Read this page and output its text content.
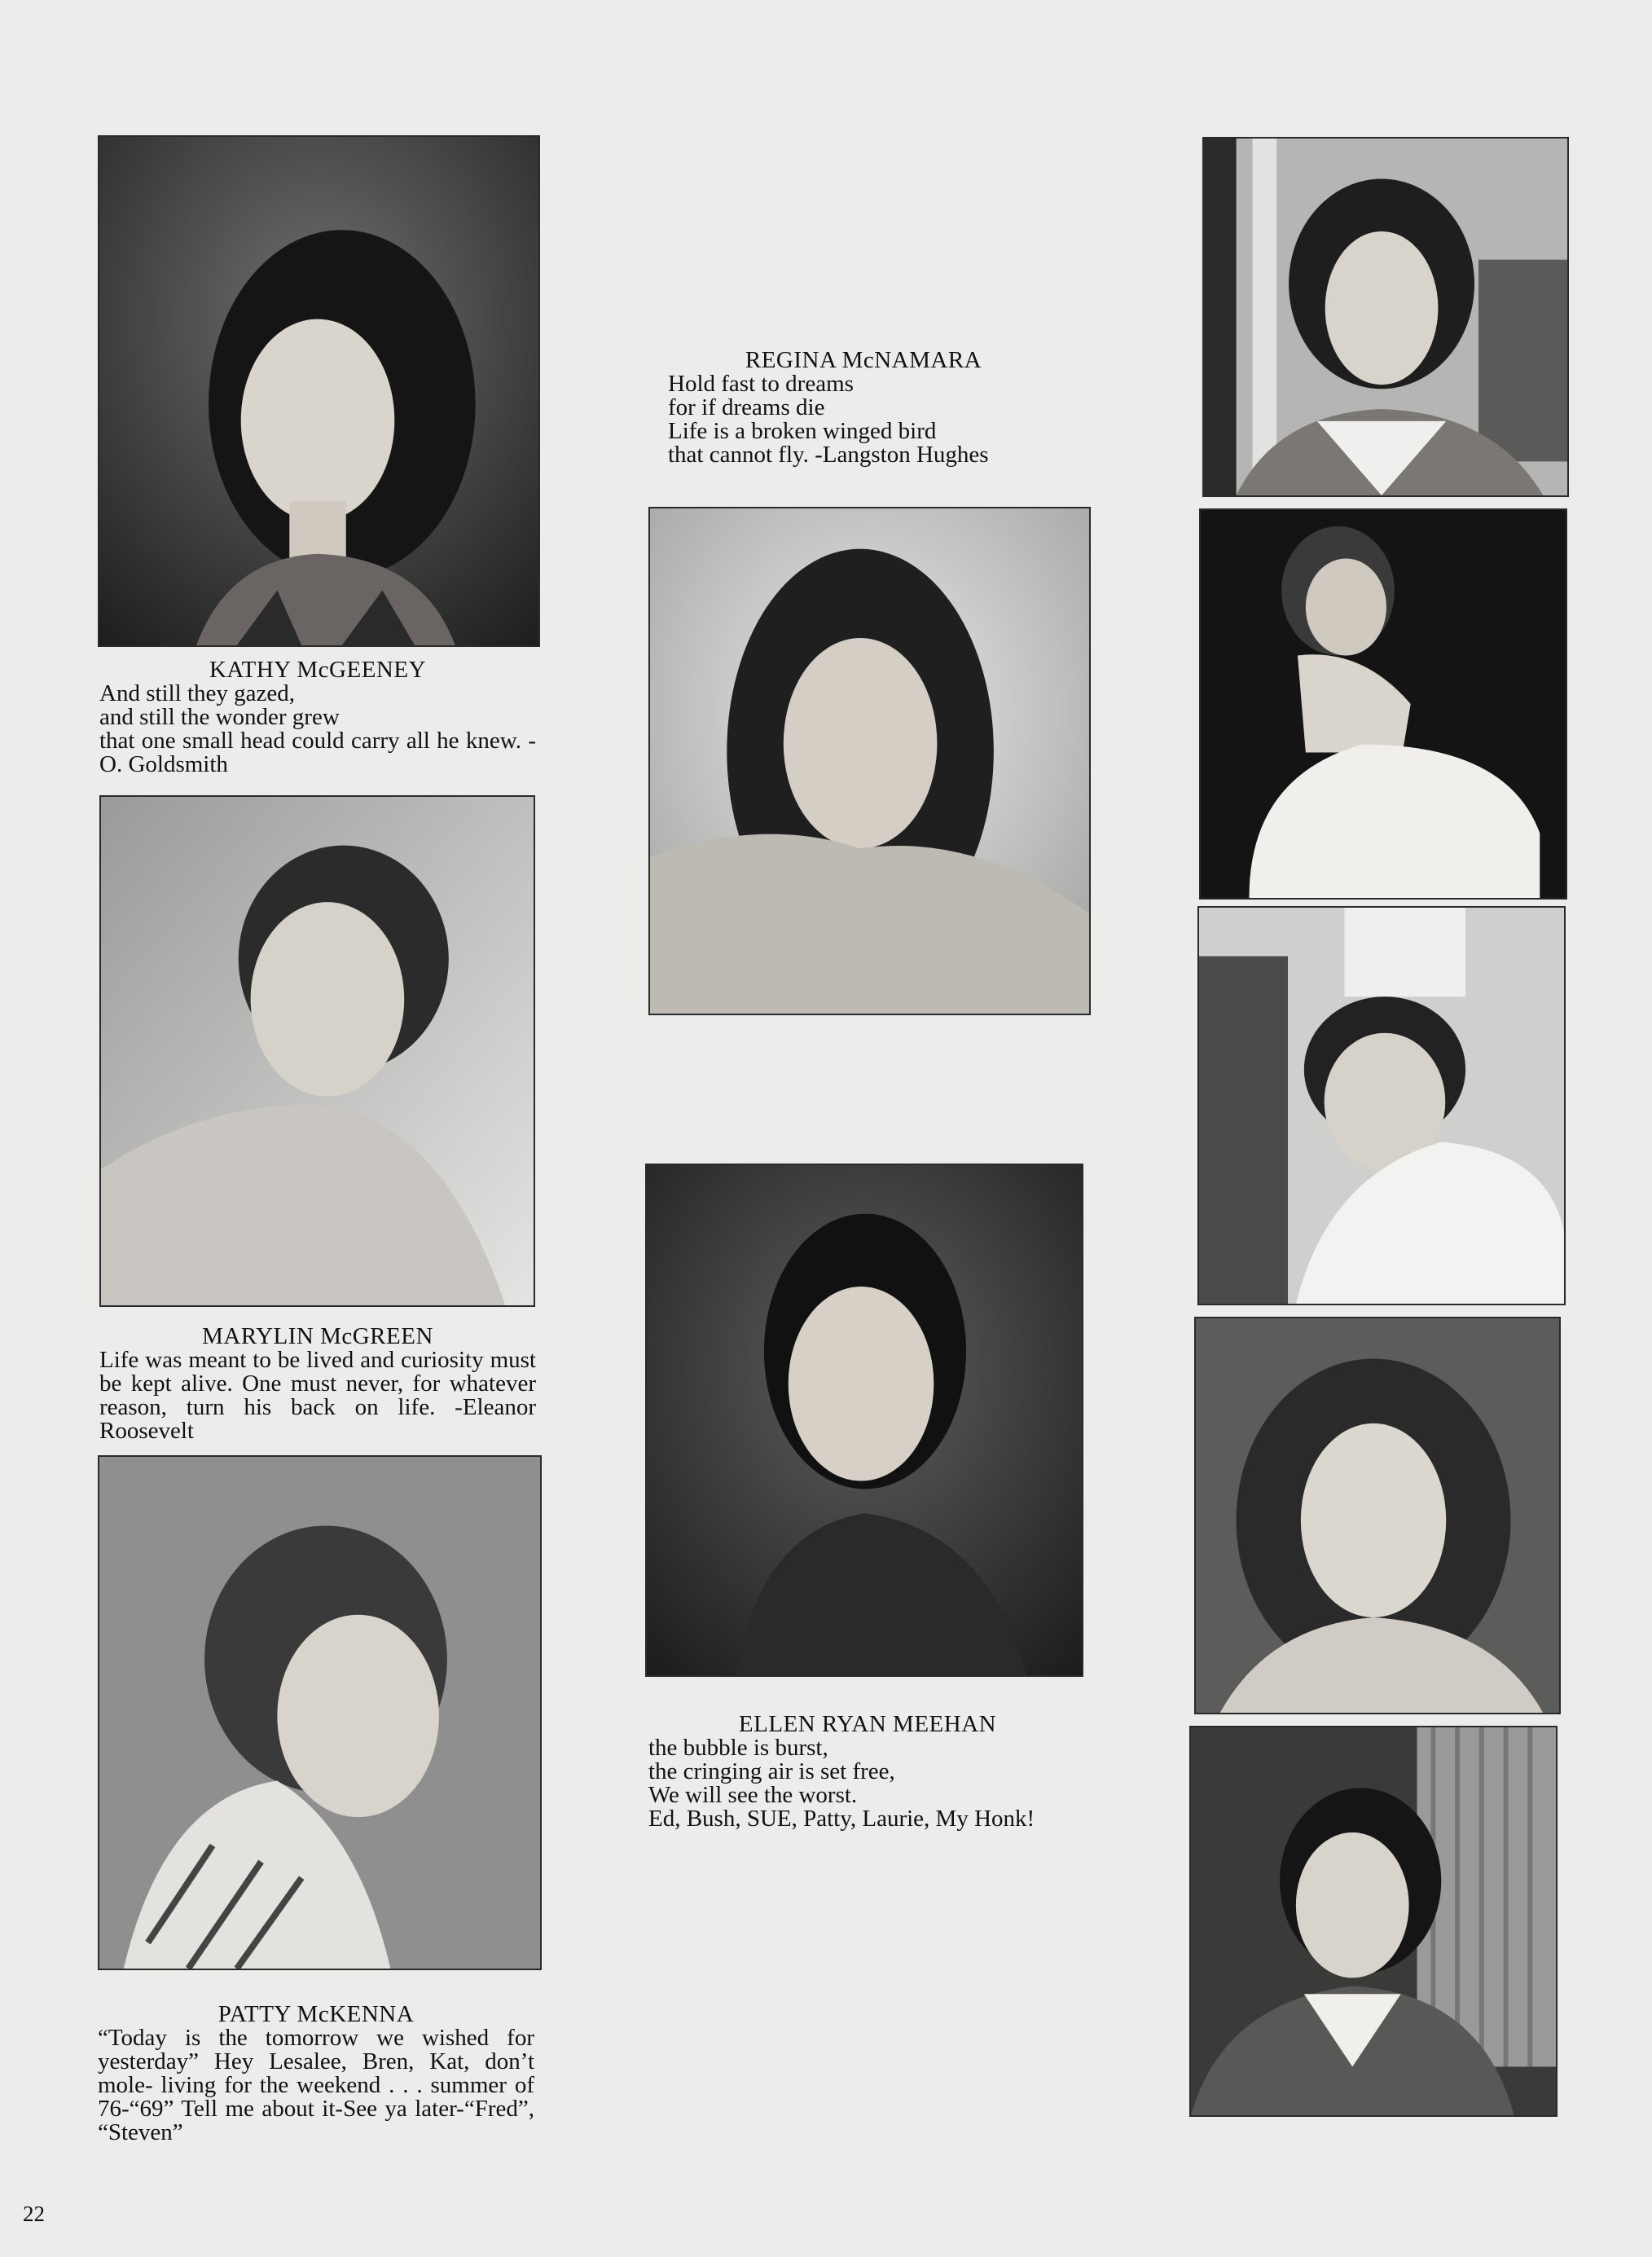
KATHY McGEENEY
And still they gazed,
and still the wonder grew
that one small head could carry all he knew. -O. Goldsmith
MARYLIN McGREEN
Life was meant to be lived and curiosity must be kept alive. One must never, for whatever reason, turn his back on life. -Eleanor Roosevelt
PATTY McKENNA
“Today is the tomorrow we wished for yesterday” Hey Lesalee, Bren, Kat, don’t mole- living for the weekend . . . summer of 76-“69” Tell me about it-See ya later-“Fred”, “Steven”
REGINA McNAMARA
Hold fast to dreams
for if dreams die
Life is a broken winged bird
that cannot fly. -Langston Hughes
ELLEN RYAN MEEHAN
the bubble is burst,
the cringing air is set free,
We will see the worst.
Ed, Bush, SUE, Patty, Laurie, My Honk!
22
